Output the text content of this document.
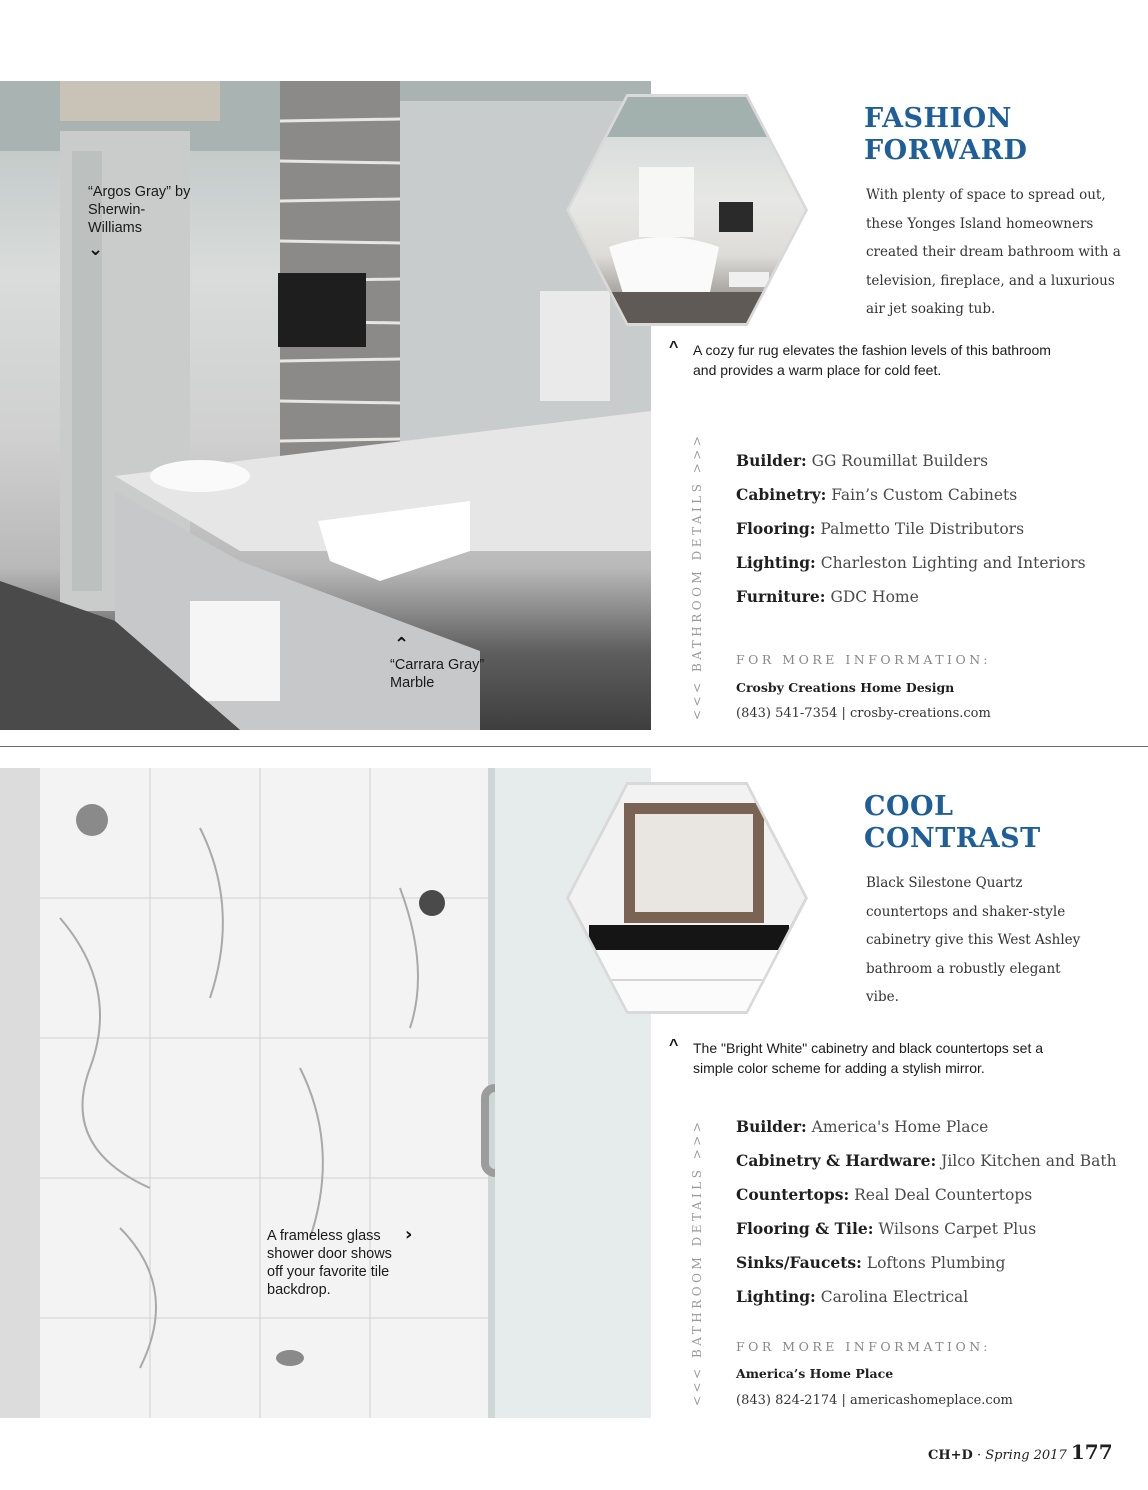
“Argos Gray” by Sherwin-Williams
⌄
“Carrara Gray” Marble
⌃
FASHION
FORWARD

With plenty of space to spread out, these Yonges Island homeowners created their dream bathroom with a television, fireplace, and a luxurious air jet soaking tub.

^ A cozy fur rug elevates the fashion levels of this bathroom and provides a warm place for cold feet.
<<< BATHROOM DETAILS >>> Builder: GG Roumillat Builders
Cabinetry: Fain’s Custom Cabinets
Flooring: Palmetto Tile Distributors
Lighting: Charleston Lighting and Interiors
Furniture: GDC Home
FOR MORE INFORMATION:
Crosby Creations Home Design
(843) 541-7354 | crosby-creations.com
A frameless glass shower door shows off your favorite tile backdrop.
›
COOL
CONTRAST

Black Silestone Quartz countertops and shaker-style cabinetry give this West Ashley bathroom a robustly elegant vibe.

^ The "Bright White" cabinetry and black countertops set a simple color scheme for adding a stylish mirror.
<<< BATHROOM DETAILS >>> Builder: America's Home Place
Cabinetry & Hardware: Jilco Kitchen and Bath
Countertops: Real Deal Countertops
Flooring & Tile: Wilsons Carpet Plus
Sinks/Faucets: Loftons Plumbing
Lighting: Carolina Electrical
FOR MORE INFORMATION:
America’s Home Place
(843) 824-2174 | americashomeplace.com
CH+D · Spring 2017 177
